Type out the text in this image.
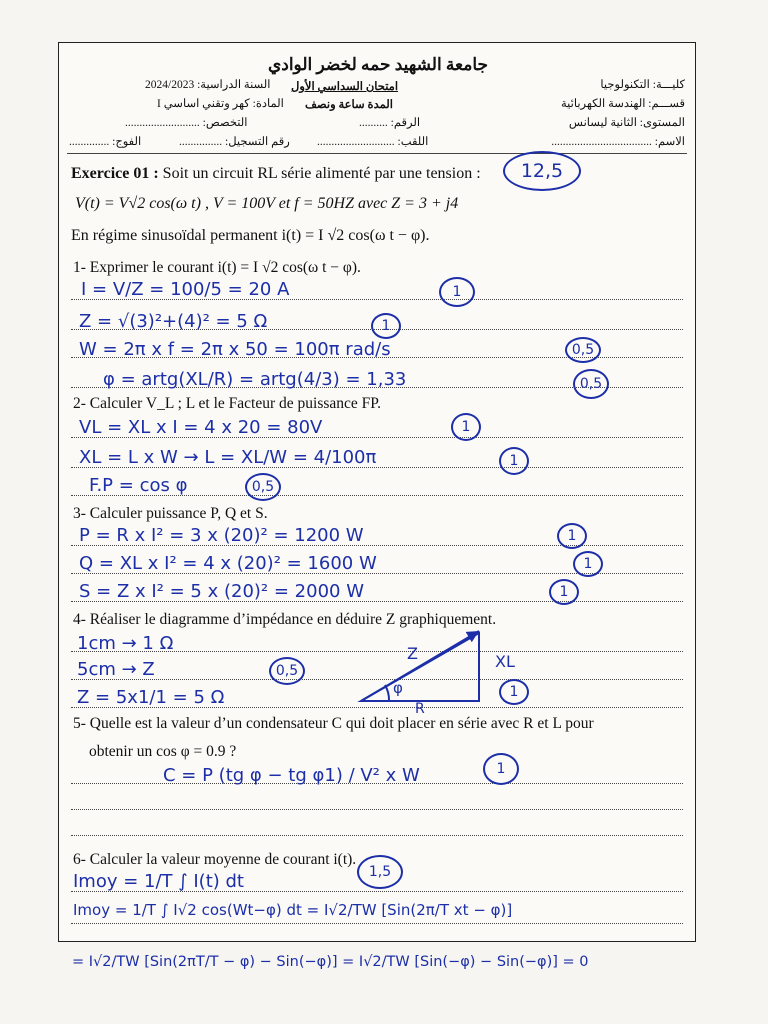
جامعة الشهيد حمه لخضر الوادي
كليـــة: التكنولوجيا
قســـم: الهندسة الكهربائية
المستوى: الثانية ليسانس
امتحان السداسي الأول
المدة ساعة ونصف
الرقم: ..........
السنة الدراسية: 2024/2023
المادة: كهر وتقني اساسي I
التخصص: ..........................
الاسم: ...................................
اللقب: ...........................
رقم التسجيل: ...............
الفوج: ..............
Exercice 01 : Soit un circuit RL série alimenté par une tension :	12,5
V(t) = V√2 cos(ω t) , V = 100V et f = 50HZ avec Z = 3 + j4
En régime sinusoïdal permanent i(t) = I √2 cos(ω t − φ).
1- Exprimer le courant i(t) = I √2 cos(ω t − φ).
I = V/Z = 100/5 = 20 A
Z = √(3)²+(4)² = 5 Ω
W = 2π x f = 2π x 50 = 100π rad/s
φ = artg(XL/R) = artg(4/3) = 1,33
1
1
0,5
0,5
2- Calculer V_L ; L et le Facteur de puissance FP.
VL = XL x I = 4 x 20 = 80V
XL = L x W → L = XL/W = 4/100π
F.P = cos φ
1
1
0,5
3- Calculer puissance P, Q et S.
P = R x I² = 3 x (20)² = 1200 W
Q = XL x I² = 4 x (20)² = 1600 W
S = Z x I² = 5 x (20)² = 2000 W
1
1
1
4- Réaliser le diagramme d’impédance en déduire Z graphiquement.
1cm → 1 Ω
5cm → Z
Z = 5x1/1 = 5 Ω
0,5
Z	XL
φ
R
1
5- Quelle est la valeur d’un condensateur C qui doit placer en série avec R et L pour
obtenir un cos φ = 0.9 ?
C = P (tg φ − tg φ1) / V² x W	1
6- Calculer la valeur moyenne de courant i(t).
Imoy = 1/T ∫ I(t) dt
Imoy = 1/T ∫ I√2 cos(Wt−φ) dt = I√2/TW [Sin(2π/T xt − φ)]
1,5
= I√2/TW [Sin(2πT/T − φ) − Sin(−φ)] = I√2/TW [Sin(−φ) − Sin(−φ)] = 0
